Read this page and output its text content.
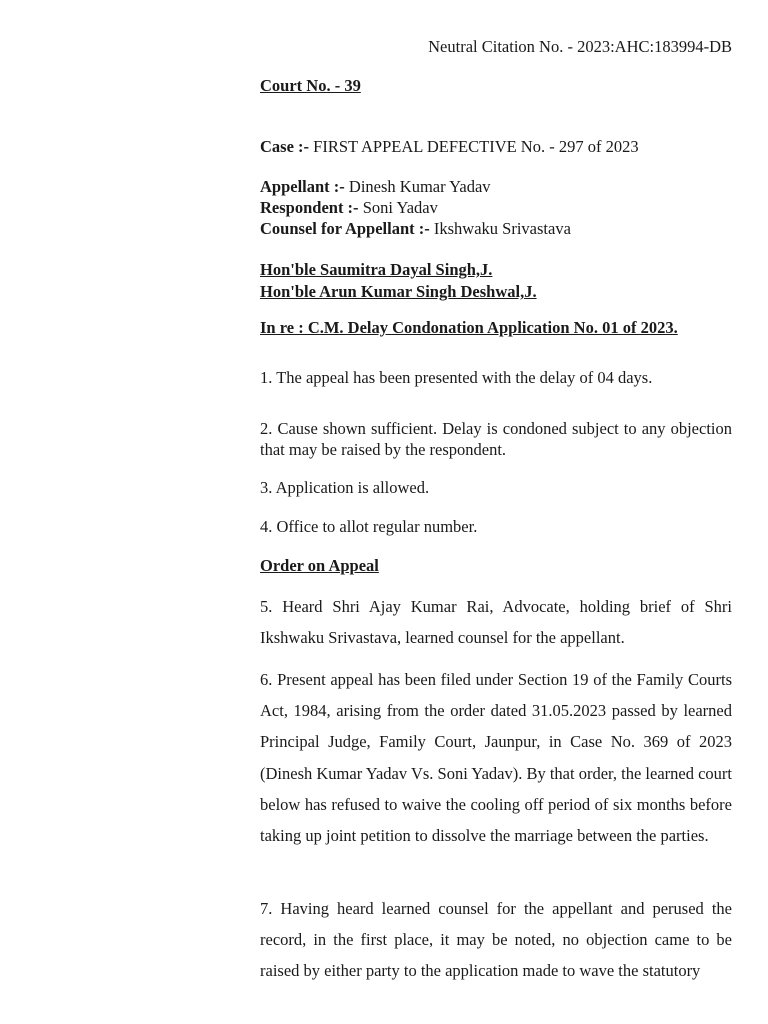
Neutral Citation No. - 2023:AHC:183994-DB
Court No. - 39
Case :- FIRST APPEAL DEFECTIVE No. - 297 of 2023
Appellant :- Dinesh Kumar Yadav
Respondent :- Soni Yadav
Counsel for Appellant :- Ikshwaku Srivastava
Hon'ble Saumitra Dayal Singh,J.
Hon'ble Arun Kumar Singh Deshwal,J.
In re : C.M. Delay Condonation Application No. 01 of 2023.

1. The appeal has been presented with the delay of 04 days.

2. Cause shown sufficient. Delay is condoned subject to any objection that may be raised by the respondent.

3. Application is allowed.

4. Office to allot regular number.

Order on Appeal

5. Heard Shri Ajay Kumar Rai, Advocate, holding brief of Shri Ikshwaku Srivastava, learned counsel for the appellant.

6. Present appeal has been filed under Section 19 of the Family Courts Act, 1984, arising from the order dated 31.05.2023 passed by learned Principal Judge, Family Court, Jaunpur, in Case No. 369 of 2023 (Dinesh Kumar Yadav Vs. Soni Yadav). By that order, the learned court below has refused to waive the cooling off period of six months before taking up joint petition to dissolve the marriage between the parties.

7. Having heard learned counsel for the appellant and perused the record, in the first place, it may be noted, no objection came to be raised by either party to the application made to wave the statutory
